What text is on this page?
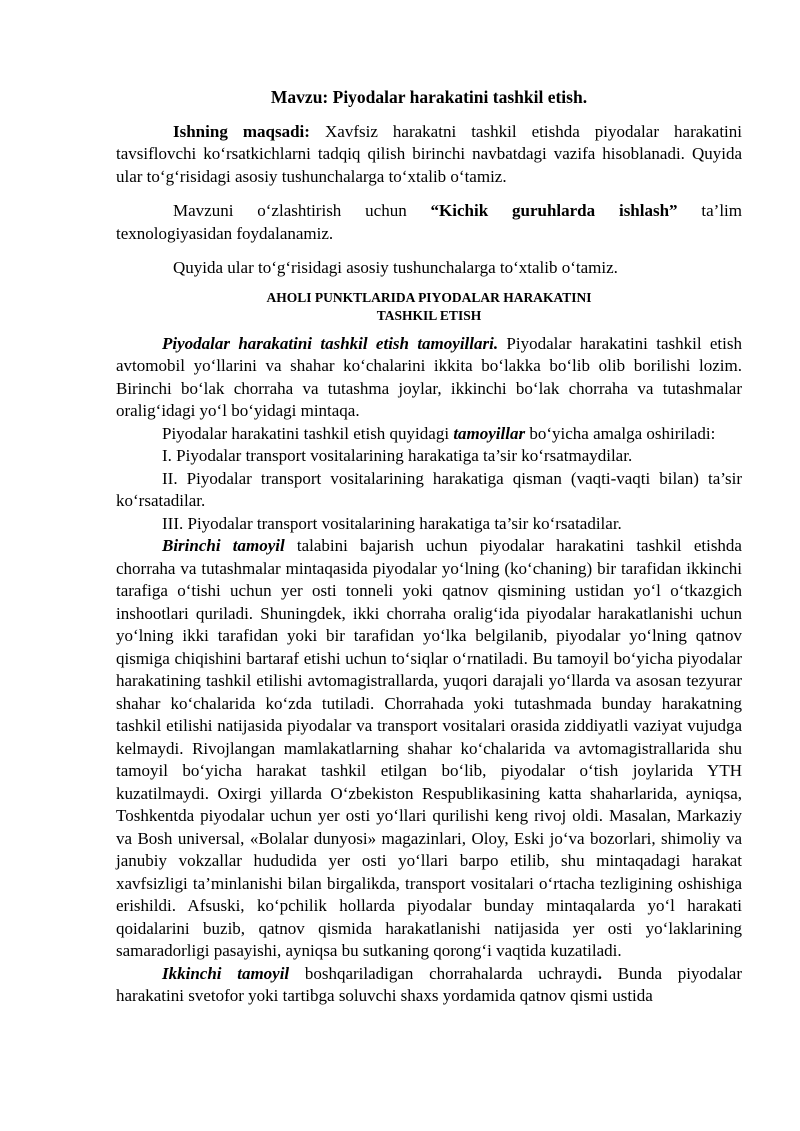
Mavzu: Piyodalar harakatini tashkil etish.

Ishning maqsadi: Xavfsiz harakatni tashkil etishda piyodalar harakatini tavsiflovchi ko‘rsatkichlarni tadqiq qilish birinchi navbatdagi vazifa hisoblanadi. Quyida ular to‘g‘risidagi asosiy tushunchalarga to‘xtalib o‘tamiz.

Mavzuni o‘zlashtirish uchun “Kichik guruhlarda ishlash” ta’lim texnologiyasidan foydalanamiz.

Quyida ular to‘g‘risidagi asosiy tushunchalarga to‘xtalib o‘tamiz.

AHOLI PUNKTLARIDA PIYODALAR HARAKATINI
TASHKIL ETISH

Piyodalar harakatini tashkil etish tamoyillari. Piyodalar harakatini tashkil etish avtomobil yo‘llarini va shahar ko‘chalarini ikkita bo‘lakka bo‘lib olib borilishi lozim. Birinchi bo‘lak chorraha va tutashma joylar, ikkinchi bo‘lak chorraha va tutashmalar oralig‘idagi yo‘l bo‘yidagi mintaqa.

Piyodalar harakatini tashkil etish quyidagi tamoyillar bo‘yicha amalga oshiriladi:

I. Piyodalar transport vositalarining harakatiga ta’sir ko‘rsatmaydilar.

II. Piyodalar transport vositalarining harakatiga qisman (vaqti-vaqti bilan) ta’sir ko‘rsatadilar.

III. Piyodalar transport vositalarining harakatiga ta’sir ko‘rsatadilar.

Birinchi tamoyil talabini bajarish uchun piyodalar harakatini tashkil etishda chorraha va tutashmalar mintaqasida piyodalar yo‘lning (ko‘chaning) bir tarafidan ikkinchi tarafiga o‘tishi uchun yer osti tonneli yoki qatnov qismining ustidan yo‘l o‘tkazgich inshootlari quriladi. Shuningdek, ikki chorraha oralig‘ida piyodalar harakatlanishi uchun yo‘lning ikki tarafidan yoki bir tarafidan yo‘lka belgilanib, piyodalar yo‘lning qatnov qismiga chiqishini bartaraf etishi uchun to‘siqlar o‘rnatiladi. Bu tamoyil bo‘yicha piyodalar harakatining tashkil etilishi avtomagistrallarda, yuqori darajali yo‘llarda va asosan tezyurar shahar ko‘chalarida ko‘zda tutiladi. Chorrahada yoki tutashmada bunday harakatning tashkil etilishi natijasida piyodalar va transport vositalari orasida ziddiyatli vaziyat vujudga kelmaydi. Rivojlangan mamlakatlarning shahar ko‘chalarida va avtomagistrallarida shu tamoyil bo‘yicha harakat tashkil etilgan bo‘lib, piyodalar o‘tish joylarida YTH kuzatilmaydi. Oxirgi yillarda O‘zbekiston Respublikasining katta shaharlarida, ayniqsa, Toshkentda piyodalar uchun yer osti yo‘llari qurilishi keng rivoj oldi. Masalan, Markaziy va Bosh universal, «Bolalar dunyosi» magazinlari, Oloy, Eski jo‘va bozorlari, shimoliy va janubiy vokzallar hududida yer osti yo‘llari barpo etilib, shu mintaqadagi harakat xavfsizligi ta’minlanishi bilan birgalikda, transport vositalari o‘rtacha tezligining oshishiga erishildi. Afsuski, ko‘pchilik hollarda piyodalar bunday mintaqalarda yo‘l harakati qoidalarini buzib, qatnov qismida harakatlanishi natijasida yer osti yo‘laklarining samaradorligi pasayishi, ayniqsa bu sutkaning qorong‘i vaqtida kuzatiladi.

Ikkinchi tamoyil boshqariladigan chorrahalarda uchraydi. Bunda piyodalar harakatini svetofor yoki tartibga soluvchi shaxs yordamida qatnov qismi ustida
